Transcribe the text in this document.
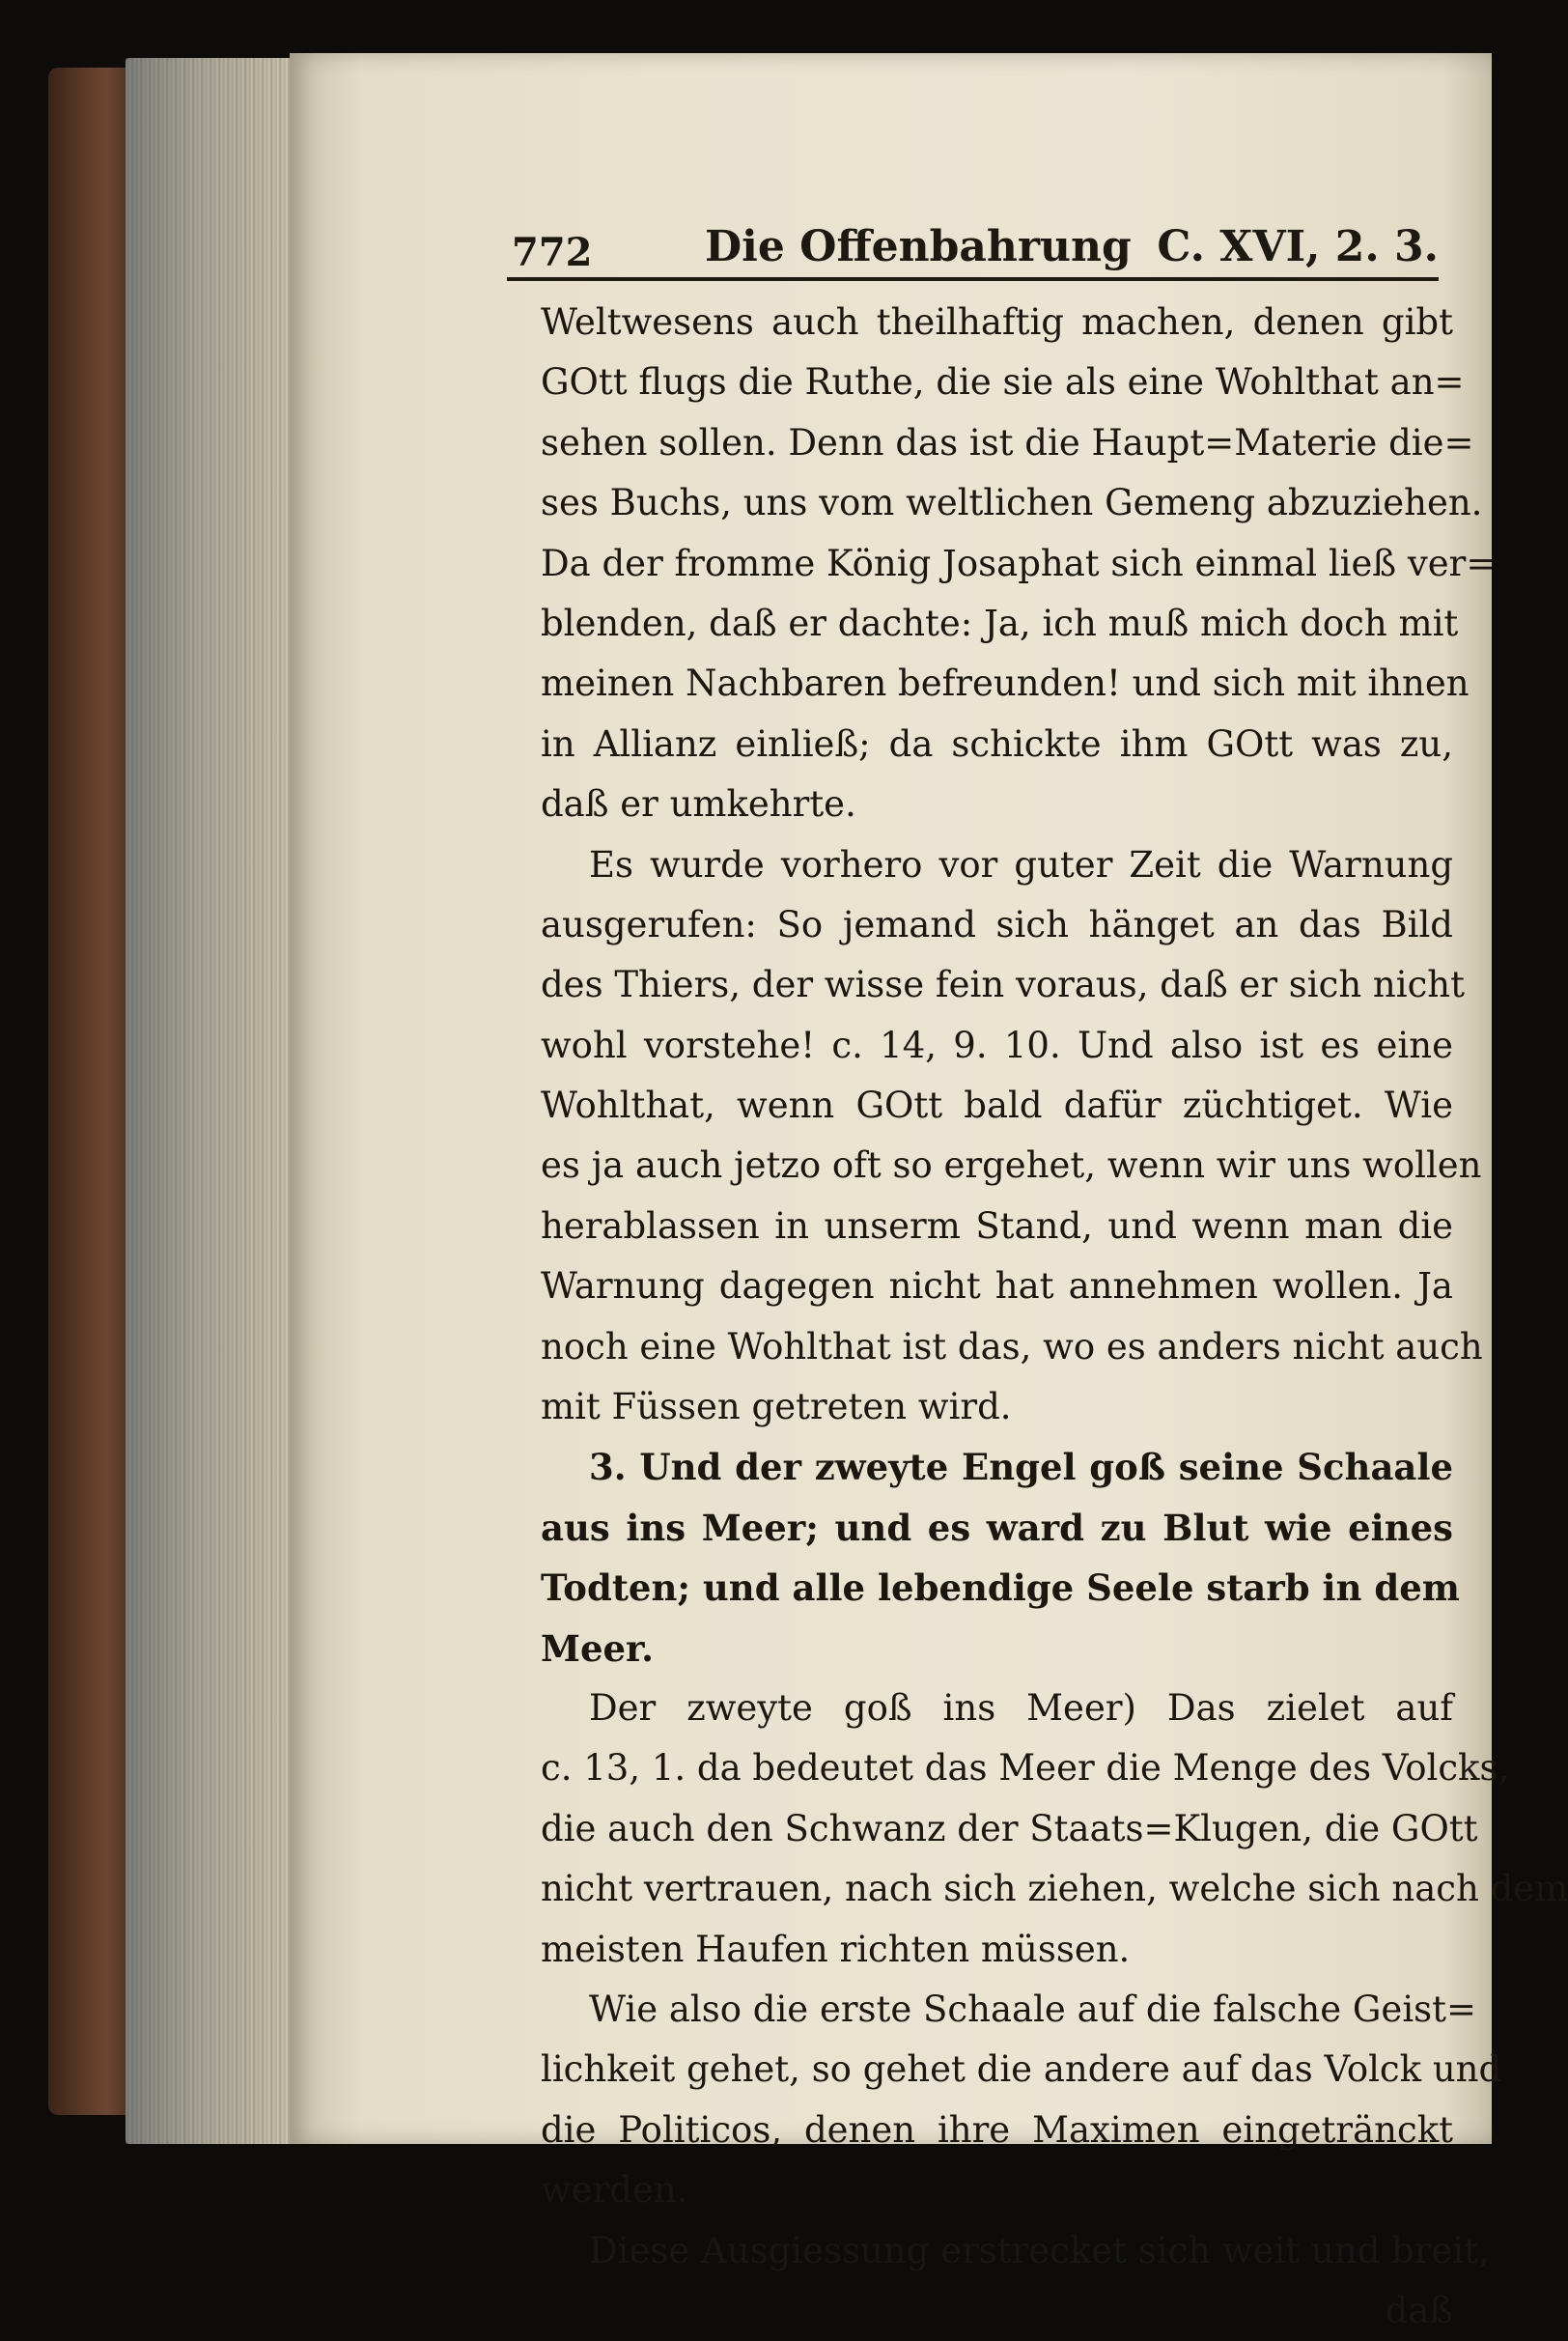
772	Die Offenbahrung C. XVI, 2. 3.
Weltwesens auch theilhaftig machen, denen gibt
GOtt flugs die Ruthe, die sie als eine Wohlthat an=
sehen sollen. Denn das ist die Haupt=Materie die=
ses Buchs, uns vom weltlichen Gemeng abzuziehen.
Da der fromme König Josaphat sich einmal ließ ver=
blenden, daß er dachte: Ja, ich muß mich doch mit
meinen Nachbaren befreunden! und sich mit ihnen
in Allianz einließ; da schickte ihm GOtt was zu,
daß er umkehrte.
Es wurde vorhero vor guter Zeit die Warnung
ausgerufen: So jemand sich hänget an das Bild
des Thiers, der wisse fein voraus, daß er sich nicht
wohl vorstehe! c. 14, 9. 10. Und also ist es eine
Wohlthat, wenn GOtt bald dafür züchtiget. Wie
es ja auch jetzo oft so ergehet, wenn wir uns wollen
herablassen in unserm Stand, und wenn man die
Warnung dagegen nicht hat annehmen wollen. Ja
noch eine Wohlthat ist das, wo es anders nicht auch
mit Füssen getreten wird.
3. Und der zweyte Engel goß seine Schaale
aus ins Meer; und es ward zu Blut wie eines
Todten; und alle lebendige Seele starb in dem
Meer.
Der zweyte goß ins Meer) Das zielet auf
c. 13, 1. da bedeutet das Meer die Menge des Volcks,
die auch den Schwanz der Staats=Klugen, die GOtt
nicht vertrauen, nach sich ziehen, welche sich nach dem
meisten Haufen richten müssen.
Wie also die erste Schaale auf die falsche Geist=
lichkeit gehet, so gehet die andere auf das Volck und
die Politicos, denen ihre Maximen eingetränckt
werden.
Diese Ausgiessung erstrecket sich weit und breit,
daß
